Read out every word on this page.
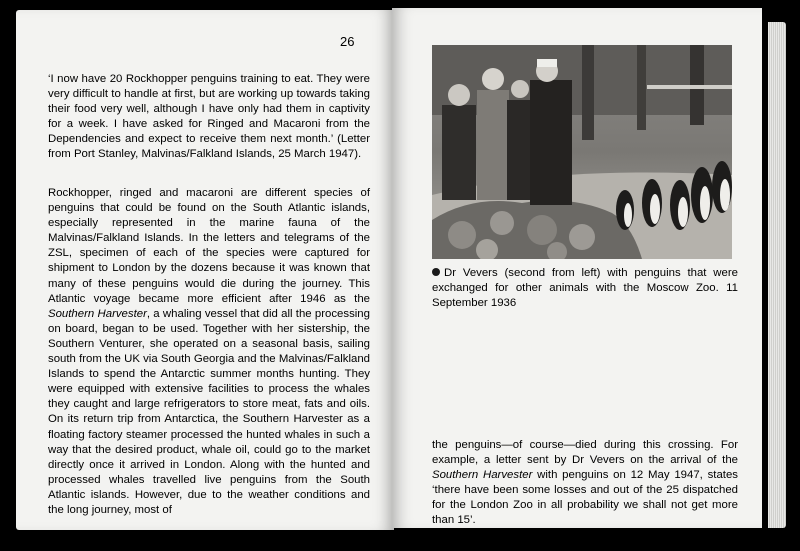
26

‘I now have 20 Rockhopper penguins training to eat. They were very difficult to handle at first, but are working up towards taking their food very well, although I have only had them in captivity for a week. I have asked for Ringed and Macaroni from the Dependencies and expect to receive them next month.’ (Letter from Port Stanley, Malvinas/Falkland Islands, 25 March 1947).

Rockhopper, ringed and macaroni are different species of penguins that could be found on the South Atlantic islands, especially represented in the marine fauna of the Malvinas/Falkland Islands. In the letters and telegrams of the ZSL, specimen of each of the species were captured for shipment to London by the dozens because it was known that many of these penguins would die during the journey. This Atlantic voyage became more efficient after 1946 as the Southern Harvester, a whaling vessel that did all the processing on board, began to be used. Together with her sistership, the Southern Venturer, she operated on a seasonal basis, sailing south from the UK via South Georgia and the Malvinas/Falkland Islands to spend the Antarctic summer months hunting. They were equipped with extensive facilities to process the whales they caught and large refrigerators to store meat, fats and oils. On its return trip from Antarctica, the Southern Harvester as a floating factory steamer processed the hunted whales in such a way that the desired product, whale oil, could go to the market directly once it arrived in London. Along with the hunted and processed whales travelled live penguins from the South Atlantic islands. However, due to the weather conditions and the long journey, most of

Dr Vevers (second from left) with penguins that were exchanged for other animals with the Moscow Zoo. 11 September 1936

the penguins—of course—died during this crossing. For example, a letter sent by Dr Vevers on the arrival of the Southern Harvester with penguins on 12 May 1947, states ‘there have been some losses and out of the 25 dispatched for the London Zoo in all probability we shall not get more than 15’.
